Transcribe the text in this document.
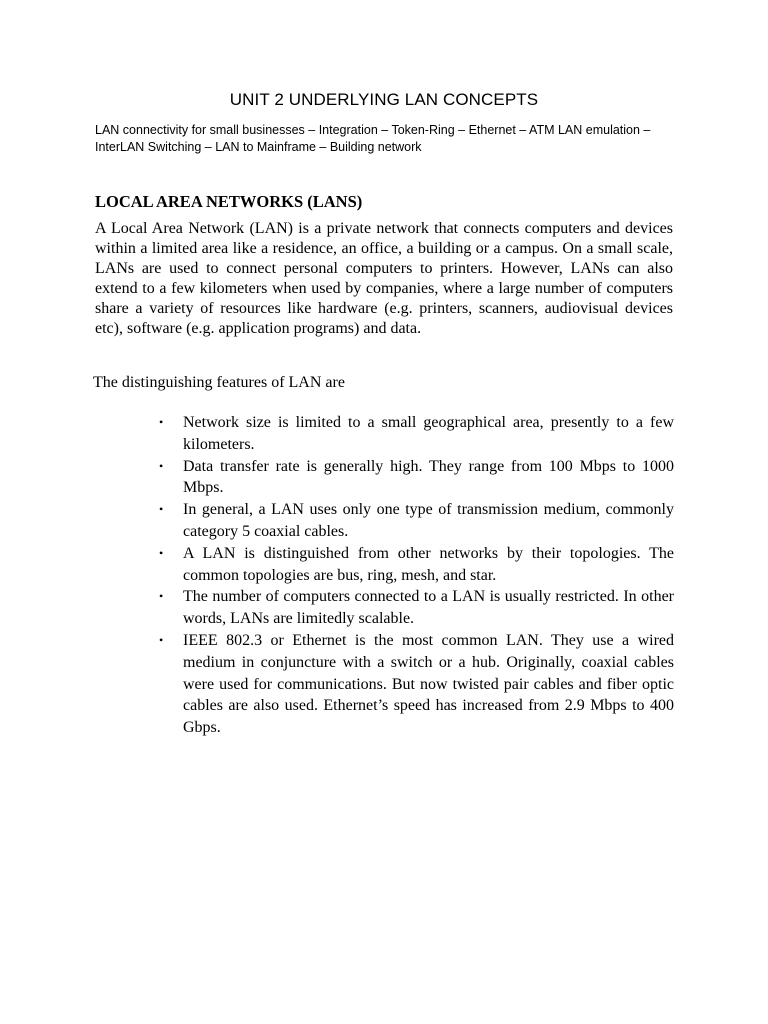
UNIT 2 UNDERLYING LAN CONCEPTS

LAN connectivity for small businesses – Integration – Token-Ring – Ethernet – ATM LAN emulation – InterLAN Switching – LAN to Mainframe – Building network

LOCAL AREA NETWORKS (LANS)

A Local Area Network (LAN) is a private network that connects computers and devices within a limited area like a residence, an office, a building or a campus. On a small scale, LANs are used to connect personal computers to printers. However, LANs can also extend to a few kilometers when used by companies, where a large number of computers share a variety of resources like hardware (e.g. printers, scanners, audiovisual devices etc), software (e.g. application programs) and data.

The distinguishing features of LAN are

• Network size is limited to a small geographical area, presently to a few kilometers.
• Data transfer rate is generally high. They range from 100 Mbps to 1000 Mbps.
• In general, a LAN uses only one type of transmission medium, commonly category 5 coaxial cables.
• A LAN is distinguished from other networks by their topologies. The common topologies are bus, ring, mesh, and star.
• The number of computers connected to a LAN is usually restricted. In other words, LANs are limitedly scalable.
• IEEE 802.3 or Ethernet is the most common LAN. They use a wired medium in conjuncture with a switch or a hub. Originally, coaxial cables were used for communications. But now twisted pair cables and fiber optic cables are also used. Ethernet’s speed has increased from 2.9 Mbps to 400 Gbps.
